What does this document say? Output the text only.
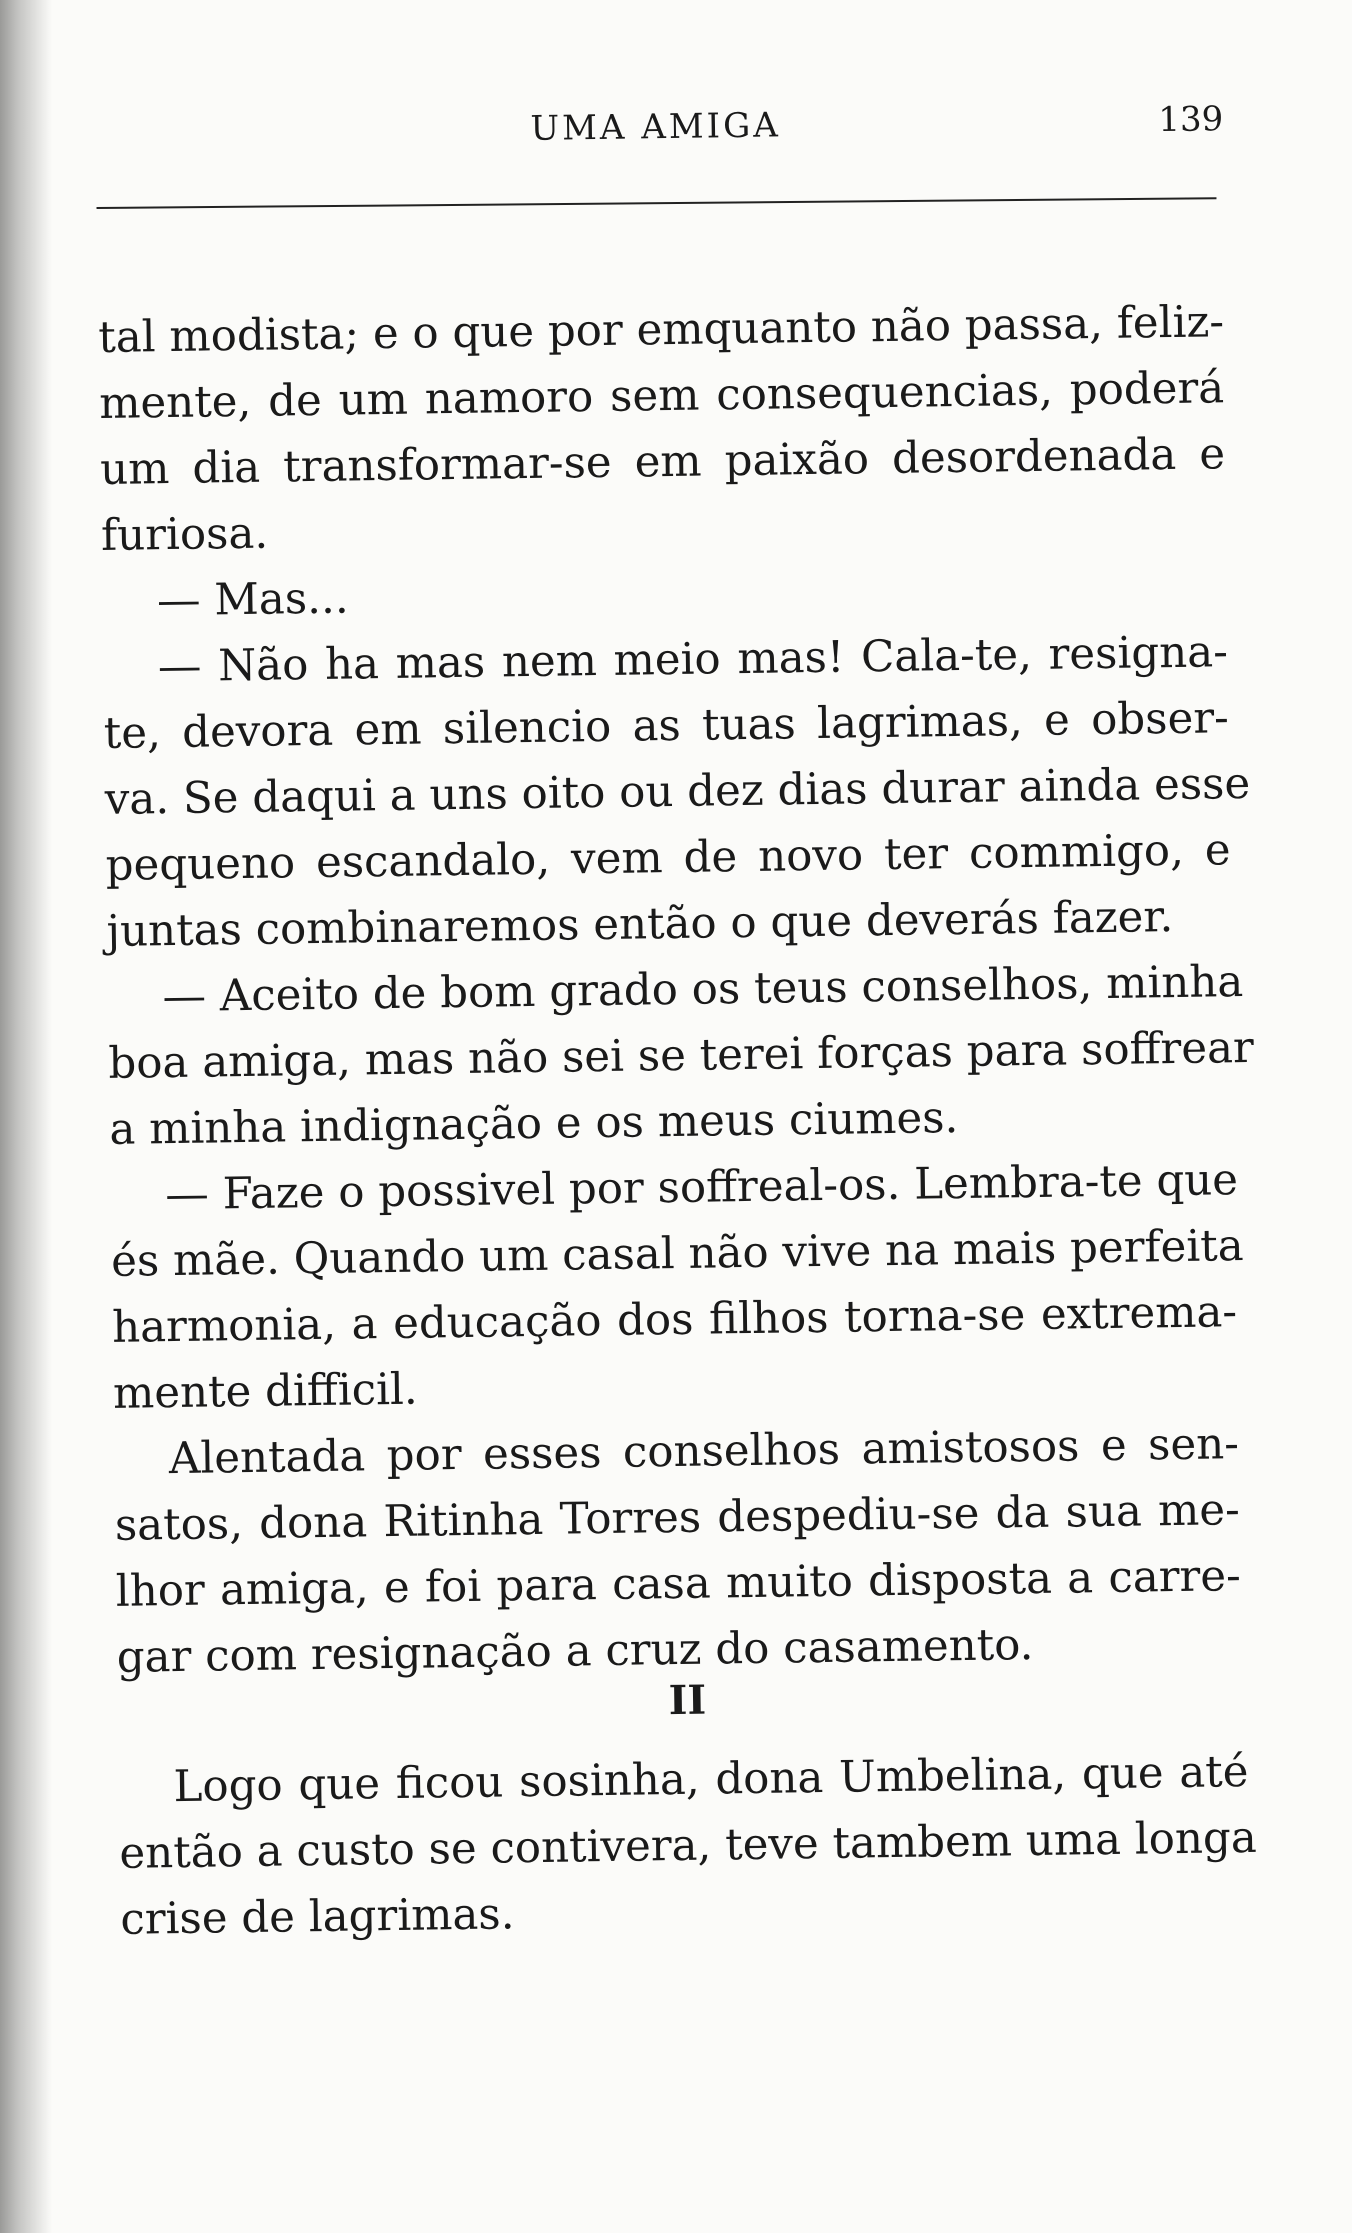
UMA AMIGA	139
tal modista; e o que por emquanto não passa, feliz-
mente, de um namoro sem consequencias, poderá
um dia transformar-se em paixão desordenada e
furiosa.
— Mas...
— Não ha mas nem meio mas! Cala-te, resigna-
te, devora em silencio as tuas lagrimas, e obser-
va. Se daqui a uns oito ou dez dias durar ainda esse
pequeno escandalo, vem de novo ter commigo, e
juntas combinaremos então o que deverás fazer.
— Aceito de bom grado os teus conselhos, minha
boa amiga, mas não sei se terei forças para soffrear
a minha indignação e os meus ciumes.
— Faze o possivel por soffreal-os. Lembra-te que
és mãe. Quando um casal não vive na mais perfeita
harmonia, a educação dos filhos torna-se extrema-
mente difficil.
Alentada por esses conselhos amistosos e sen-
satos, dona Ritinha Torres despediu-se da sua me-
lhor amiga, e foi para casa muito disposta a carre-
gar com resignação a cruz do casamento.
II
Logo que ficou sosinha, dona Umbelina, que até
então a custo se contivera, teve tambem uma longa
crise de lagrimas.
